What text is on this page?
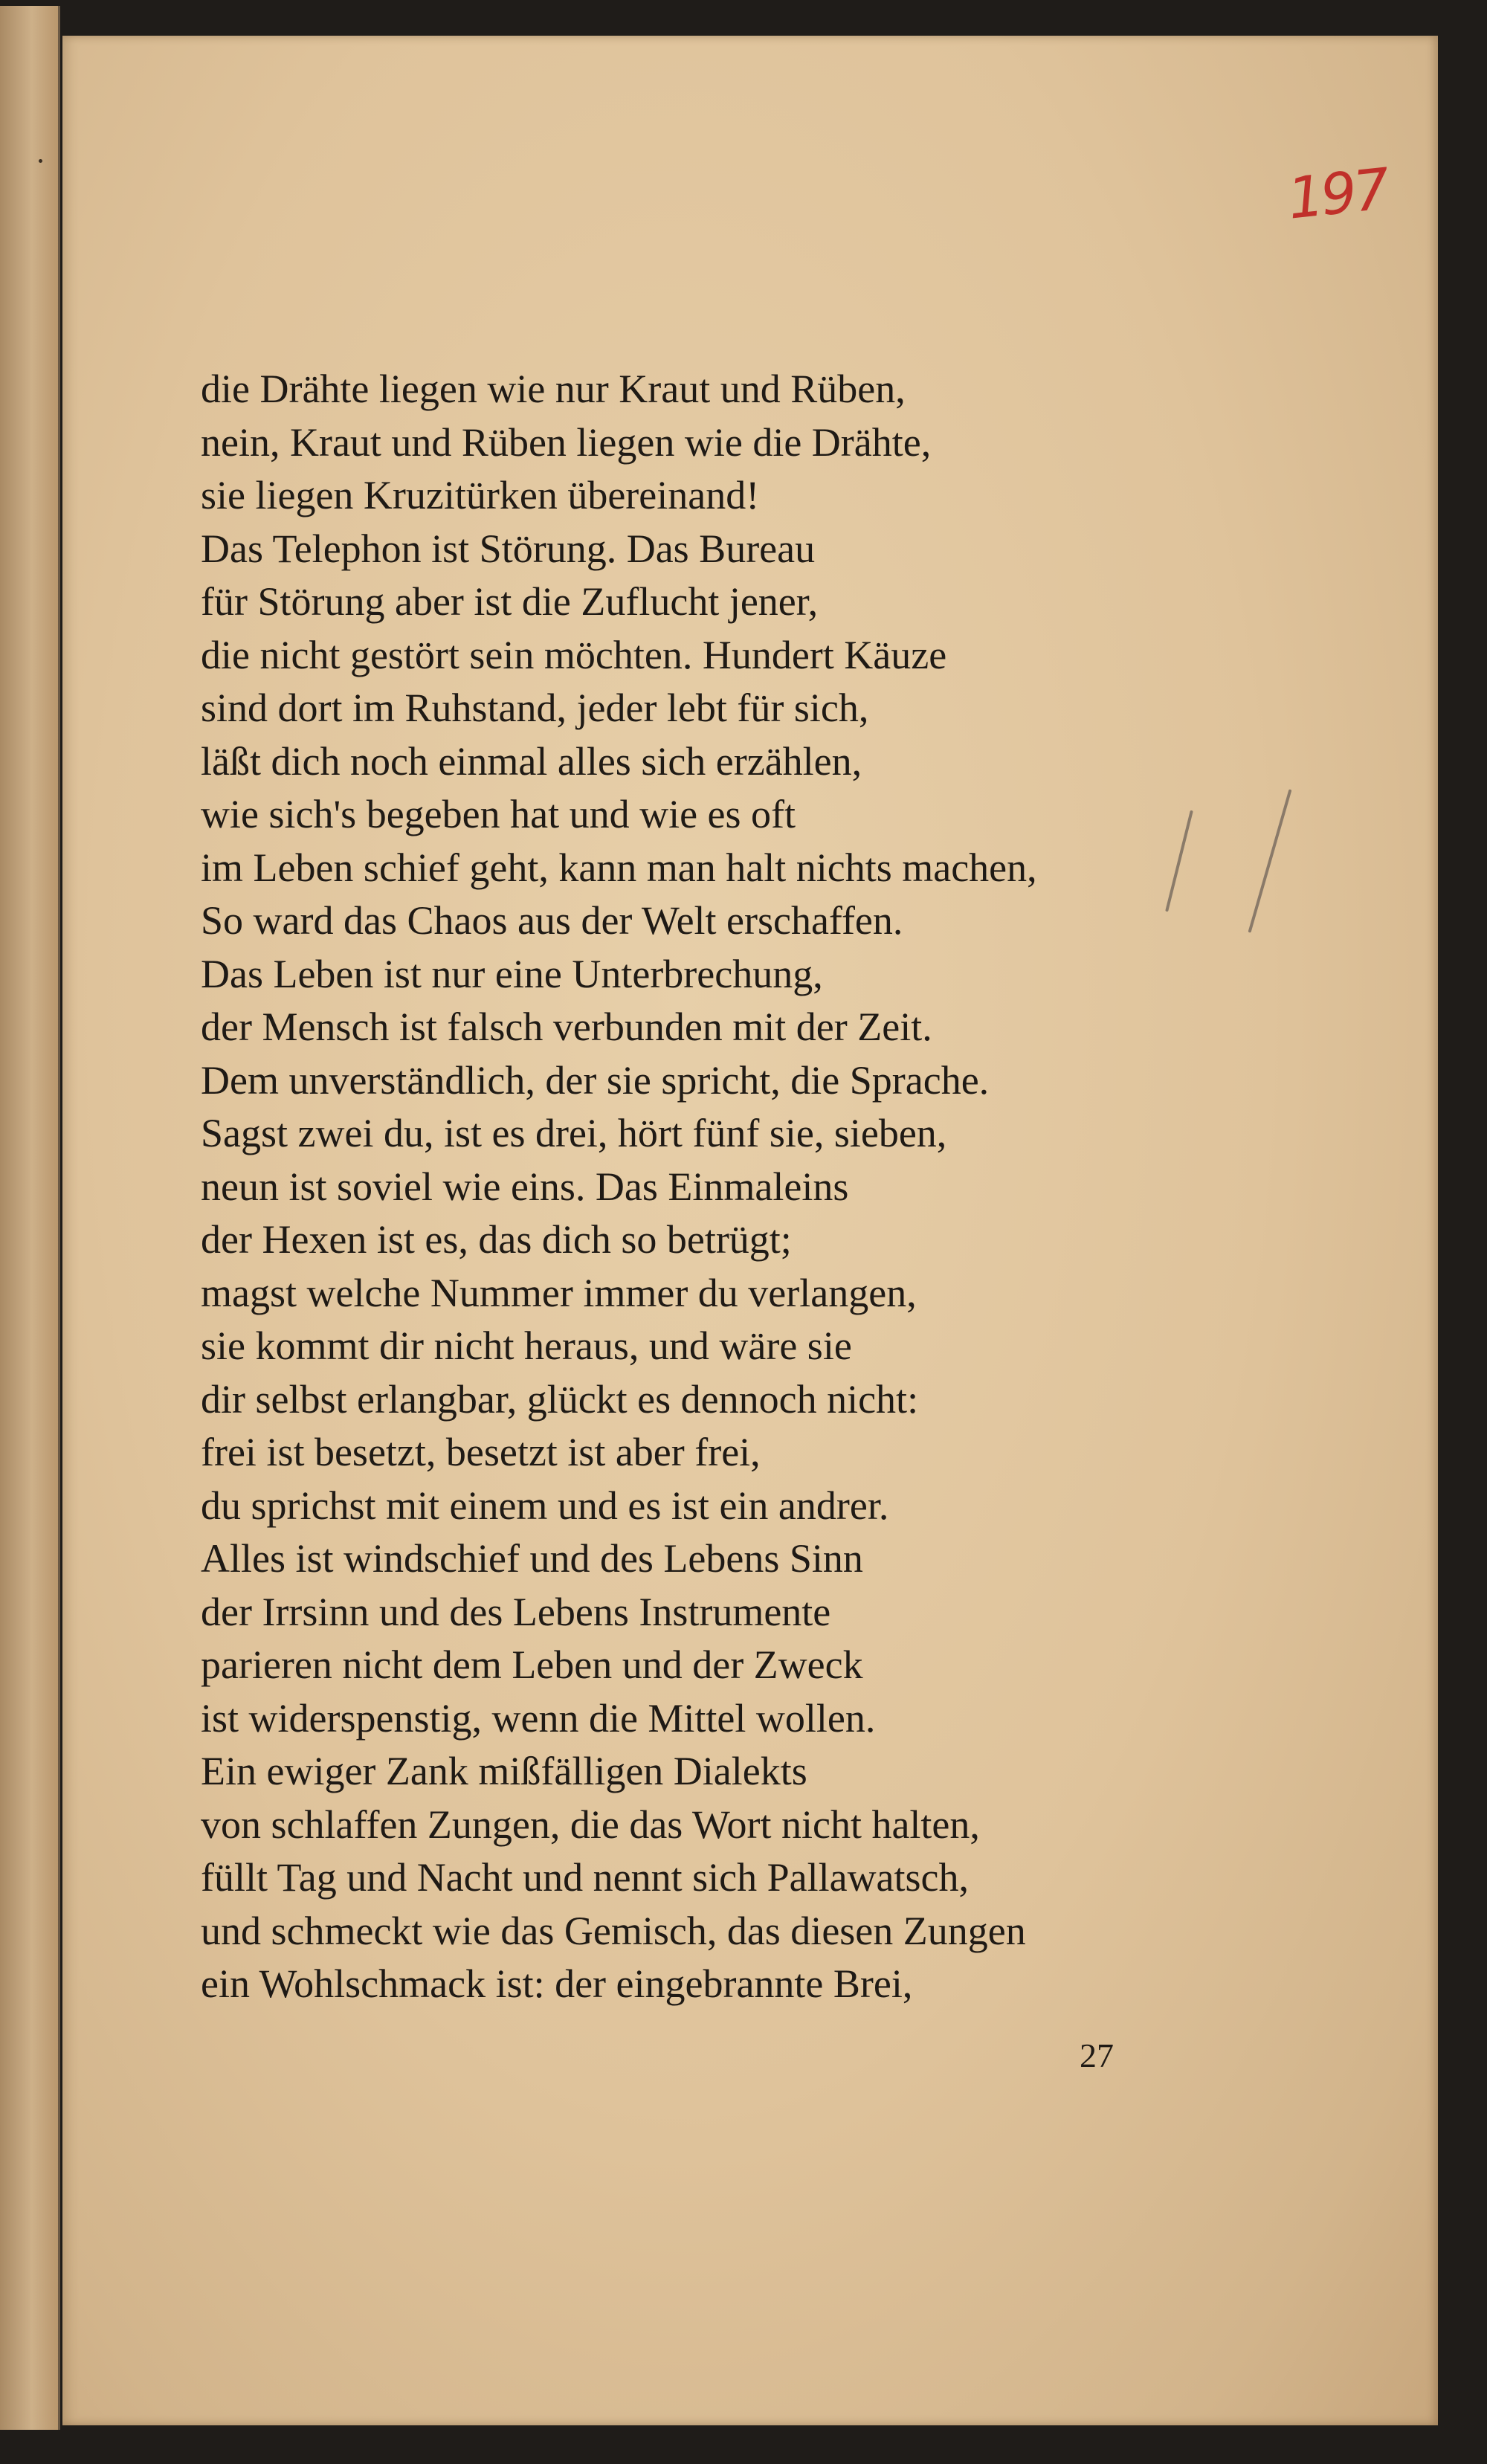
197
die Drähte liegen wie nur Kraut und Rüben,
nein, Kraut und Rüben liegen wie die Drähte,
sie liegen Kruzitürken übereinand!
Das Telephon ist Störung. Das Bureau
für Störung aber ist die Zuflucht jener,
die nicht gestört sein möchten. Hundert Käuze
sind dort im Ruhstand, jeder lebt für sich,
läßt dich noch einmal alles sich erzählen,
wie sich's begeben hat und wie es oft
im Leben schief geht, kann man halt nichts machen,
So ward das Chaos aus der Welt erschaffen.
Das Leben ist nur eine Unterbrechung,
der Mensch ist falsch verbunden mit der Zeit.
Dem unverständlich, der sie spricht, die Sprache.
Sagst zwei du, ist es drei, hört fünf sie, sieben,
neun ist soviel wie eins. Das Einmaleins
der Hexen ist es, das dich so betrügt;
magst welche Nummer immer du verlangen,
sie kommt dir nicht heraus, und wäre sie
dir selbst erlangbar, glückt es dennoch nicht:
frei ist besetzt, besetzt ist aber frei,
du sprichst mit einem und es ist ein andrer.
Alles ist windschief und des Lebens Sinn
der Irrsinn und des Lebens Instrumente
parieren nicht dem Leben und der Zweck
ist widerspenstig, wenn die Mittel wollen.
Ein ewiger Zank mißfälligen Dialekts
von schlaffen Zungen, die das Wort nicht halten,
füllt Tag und Nacht und nennt sich Pallawatsch,
und schmeckt wie das Gemisch, das diesen Zungen
ein Wohlschmack ist: der eingebrannte Brei,
27
